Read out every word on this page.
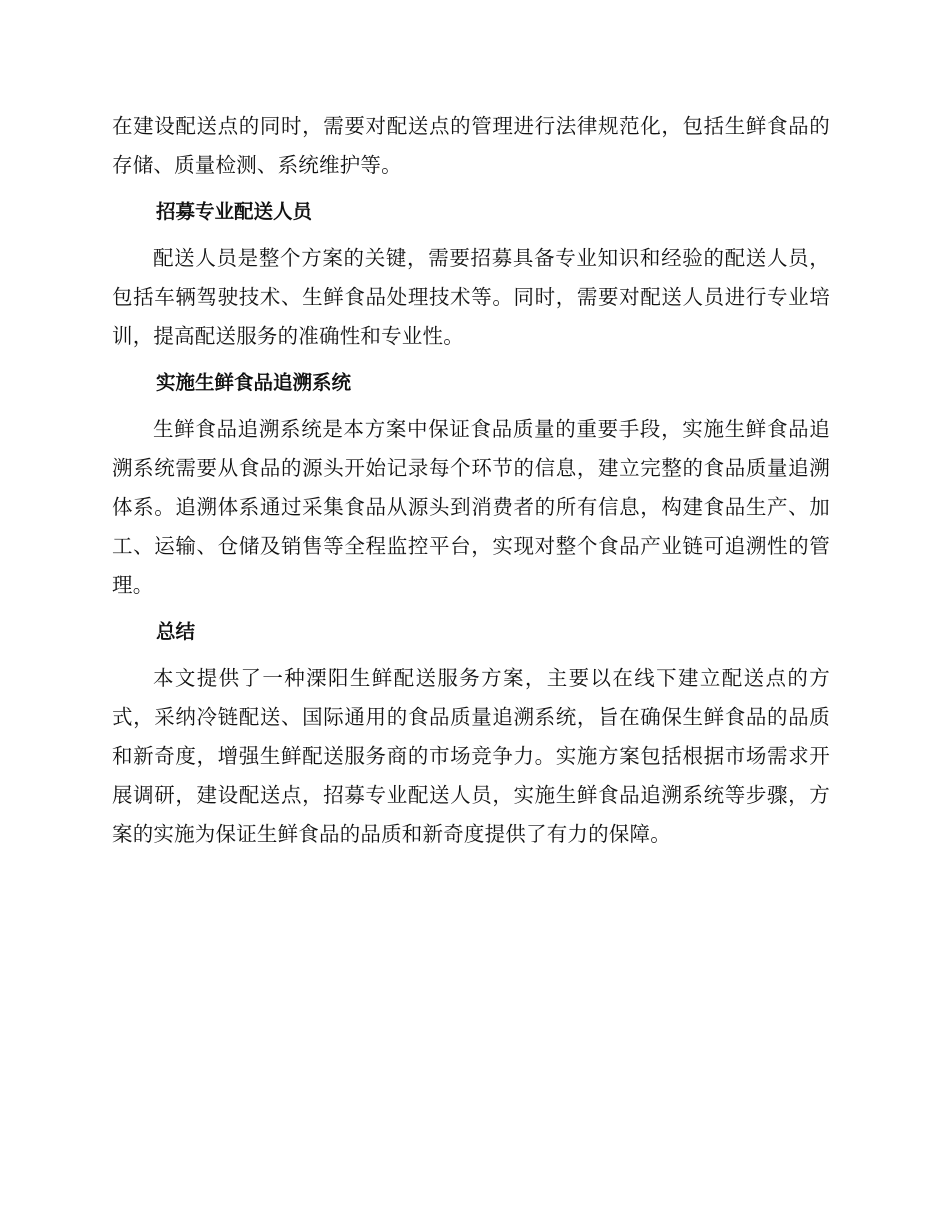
在建设配送点的同时，需要对配送点的管理进行法律规范化，包括生鲜食品的存储、质量检测、系统维护等。

招募专业配送人员

配送人员是整个方案的关键，需要招募具备专业知识和经验的配送人员，包括车辆驾驶技术、生鲜食品处理技术等。同时，需要对配送人员进行专业培训，提高配送服务的准确性和专业性。

实施生鲜食品追溯系统

生鲜食品追溯系统是本方案中保证食品质量的重要手段，实施生鲜食品追溯系统需要从食品的源头开始记录每个环节的信息，建立完整的食品质量追溯体系。追溯体系通过采集食品从源头到消费者的所有信息，构建食品生产、加工、运输、仓储及销售等全程监控平台，实现对整个食品产业链可追溯性的管理。

总结

本文提供了一种溧阳生鲜配送服务方案，主要以在线下建立配送点的方式，采纳冷链配送、国际通用的食品质量追溯系统，旨在确保生鲜食品的品质和新奇度，增强生鲜配送服务商的市场竞争力。实施方案包括根据市场需求开展调研，建设配送点，招募专业配送人员，实施生鲜食品追溯系统等步骤，方案的实施为保证生鲜食品的品质和新奇度提供了有力的保障。
